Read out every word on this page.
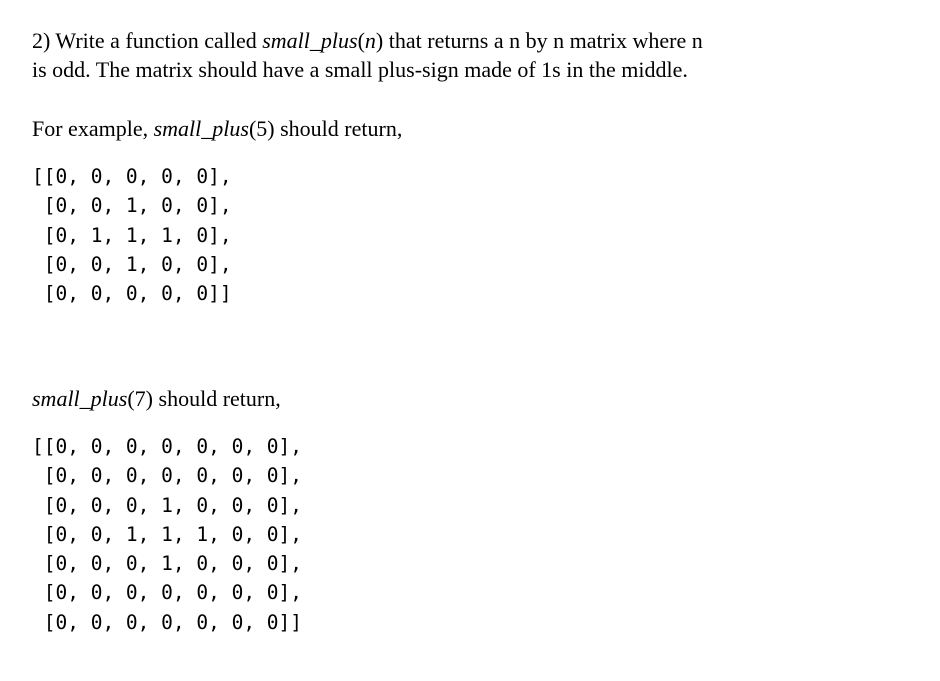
2) Write a function called small_plus(n) that returns a n by n matrix where n
is odd. The matrix should have a small plus-sign made of 1s in the middle.

For example, small_plus(5) should return,

[[0, 0, 0, 0, 0],
[0, 0, 1, 0, 0],
[0, 1, 1, 1, 0],
[0, 0, 1, 0, 0],
[0, 0, 0, 0, 0]]

small_plus(7) should return,

[[0, 0, 0, 0, 0, 0, 0],
[0, 0, 0, 0, 0, 0, 0],
[0, 0, 0, 1, 0, 0, 0],
[0, 0, 1, 1, 1, 0, 0],
[0, 0, 0, 1, 0, 0, 0],
[0, 0, 0, 0, 0, 0, 0],
[0, 0, 0, 0, 0, 0, 0]]
